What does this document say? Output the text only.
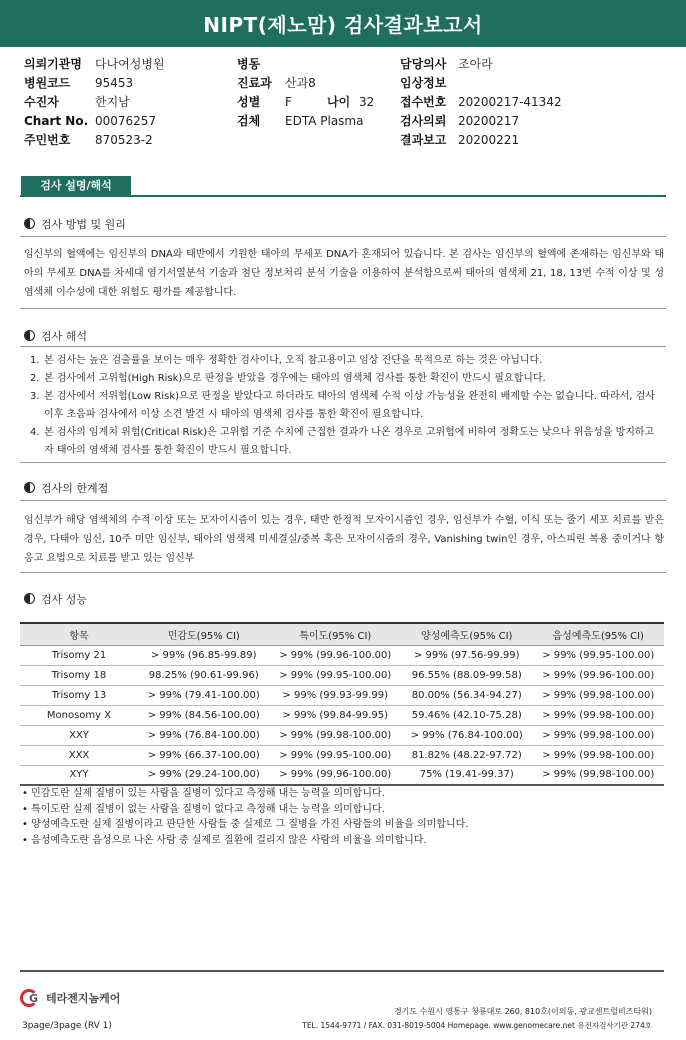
NIPT(제노맘) 검사결과보고서
의뢰기관명 다나여성병원
병원코드 95453
수진자	한지남
Chart No. 00076257
주민번호 870523-2
병동
진료과 산과8
성별 F
검체 EDTA Plasma
나이 32
담당의사 조아라
임상정보
접수번호 20200217-41342
검사의뢰 20200217
결과보고 20200221
검사 설명/해석
검사 방법 및 원리
임신부의 혈액에는 임신부의 DNA와 태반에서 기원한 태아의 무세포 DNA가 혼재되어 있습니다. 본 검사는 임신부의 혈액에 존재하는 임신부와 태아의 무세포 DNA를 차세대 염기서열분석 기술과 첨단 정보처리 분석 기술을 이용하여 분석함으로써 태아의 염색체 21, 18, 13번 수적 이상 및 성염색체 이수성에 대한 위험도 평가를 제공합니다.
검사 해석
1. 본 검사는 높은 검출률을 보이는 매우 정확한 검사이나, 오직 참고용이고 임상 진단을 목적으로 하는 것은 아닙니다.
2. 본 검사에서 고위험(High Risk)으로 판정을 받았을 경우에는 태아의 염색체 검사를 통한 확진이 반드시 필요합니다.
3. 본 검사에서 저위험(Low Risk)으로 판정을 받았다고 하더라도 태아의 염색체 수적 이상 가능성을 완전히 배제할 수는 없습니다. 따라서, 검사 이후 초음파 검사에서 이상 소견 발견 시 태아의 염색체 검사를 통한 확진이 필요합니다.
4. 본 검사의 임계치 위험(Critical Risk)은 고위험 기준 수치에 근접한 결과가 나온 경우로 고위험에 비하여 정확도는 낮으나 위음성을 방지하고자 태아의 염색체 검사를 통한 확진이 반드시 필요합니다.
검사의 한계점
임신부가 해당 염색체의 수적 이상 또는 모자이시즘이 있는 경우, 태반 한정적 모자이시즘인 경우, 임신부가 수혈, 이식 또는 줄기 세포 치료를 받은 경우, 다태아 임신, 10주 미만 임신부, 태아의 염색체 미세결실/중복 혹은 모자이시즘의 경우, Vanishing twin인 경우, 아스피린 복용 중이거나 항 응고 요법으로 치료를 받고 있는 임신부
검사 성능
항목	민감도(95% CI)	특이도(95% CI)	양성예측도(95% CI)	음성예측도(95% CI)
Trisomy 21	> 99% (96.85-99.89)	> 99% (99.96-100.00)	> 99% (97.56-99.99)	> 99% (99.95-100.00)
Trisomy 18	98.25% (90.61-99.96)	> 99% (99.95-100.00)	96.55% (88.09-99.58)	> 99% (99.96-100.00)
Trisomy 13	> 99% (79.41-100.00)	> 99% (99.93-99.99)	80.00% (56.34-94.27)	> 99% (99.98-100.00)
Monosomy X	> 99% (84.56-100.00)	> 99% (99.84-99.95)	59.46% (42.10-75.28)	> 99% (99.98-100.00)
XXY	> 99% (76.84-100.00)	> 99% (99.98-100.00)	> 99% (76.84-100.00)	> 99% (99.98-100.00)
XXX	> 99% (66.37-100.00)	> 99% (99.95-100.00)	81.82% (48.22-97.72)	> 99% (99.98-100.00)
XYY	> 99% (29.24-100.00)	> 99% (99.96-100.00)	75% (19.41-99.37)	> 99% (99.98-100.00)
• 민감도란 실제 질병이 있는 사람을 질병이 있다고 측정해 내는 능력을 의미합니다.
• 특이도란 실제 질병이 없는 사람을 질병이 없다고 측정해 내는 능력을 의미합니다.
• 양성예측도란 실제 질병이라고 판단한 사람들 중 실제로 그 질병을 가진 사람들의 비율을 의미합니다.
• 음성예측도란 음성으로 나온 사람 중 실제로 질환에 걸리지 않은 사람의 비율을 의미합니다.
G 테라젠지놈케어
경기도 수원시 영통구 청룡대로 260, 810호(이의동, 광교센트럴비즈타워)
TEL. 1544-9771 / FAX. 031-8019-5004 Homepage. www.genomecare.net 유전자검사기관 274호
3page/3page (RV 1)
